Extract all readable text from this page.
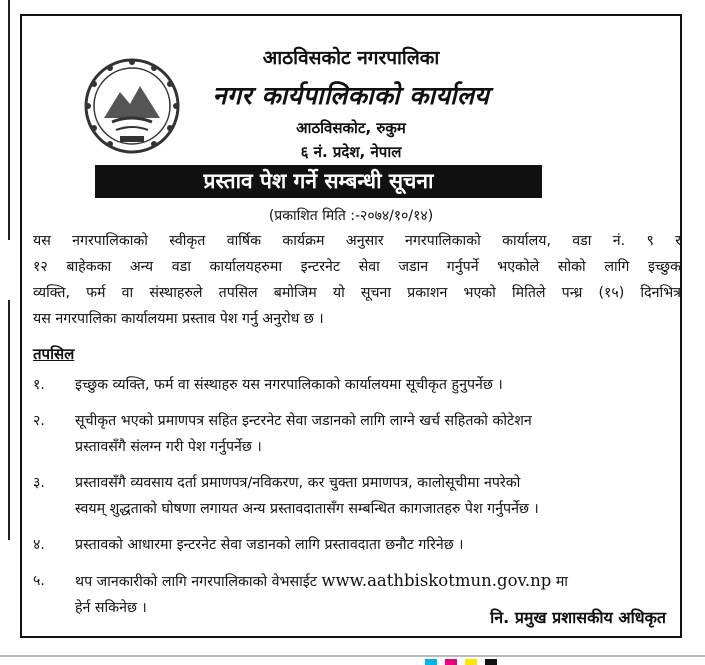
आठविसकोट नगरपालिका
नगर कार्यपालिकाको कार्यालय
आठविसकोट, रुकुम
६ नं. प्रदेश, नेपाल
प्रस्ताव पेश गर्ने सम्बन्धी सूचना
(प्रकाशित मिति :-२०७४/१०/१४)
यस नगरपालिकाको स्वीकृत वार्षिक कार्यक्रम अनुसार नगरपालिकाको कार्यालय, वडा नं. ९ र
१२ बाहेकका अन्य वडा कार्यालयहरुमा इन्टरनेट सेवा जडान गर्नुपर्ने भएकोले सोको लागि इच्छुक
व्यक्ति, फर्म वा संस्थाहरुले तपसिल बमोजिम यो सूचना प्रकाशन भएको मितिले पन्ध्र (१५) दिनभित्र
यस नगरपालिका कार्यालयमा प्रस्ताव पेश गर्नु अनुरोध छ ।
तपसिल
१. इच्छुक व्यक्ति, फर्म वा संस्थाहरु यस नगरपालिकाको कार्यालयमा सूचीकृत हुनुपर्नेछ ।
२. सूचीकृत भएको प्रमाणपत्र सहित इन्टरनेट सेवा जडानको लागि लाग्ने खर्च सहितको कोटेशन
प्रस्तावसँगै संलग्न गरी पेश गर्नुपर्नेछ ।
३. प्रस्तावसँगै व्यवसाय दर्ता प्रमाणपत्र/नविकरण, कर चुक्ता प्रमाणपत्र, कालोसूचीमा नपरेको
स्वयम् शुद्धताको घोषणा लगायत अन्य प्रस्तावदातासँग सम्बन्धित कागजातहरु पेश गर्नुपर्नेछ ।
४. प्रस्तावको आधारमा इन्टरनेट सेवा जडानको लागि प्रस्तावदाता छनौट गरिनेछ ।
५. थप जानकारीको लागि नगरपालिकाको वेभसाईट www.aathbiskotmun.gov.np मा
हेर्न सकिनेछ ।	नि. प्रमुख प्रशासकीय अधिकृत
